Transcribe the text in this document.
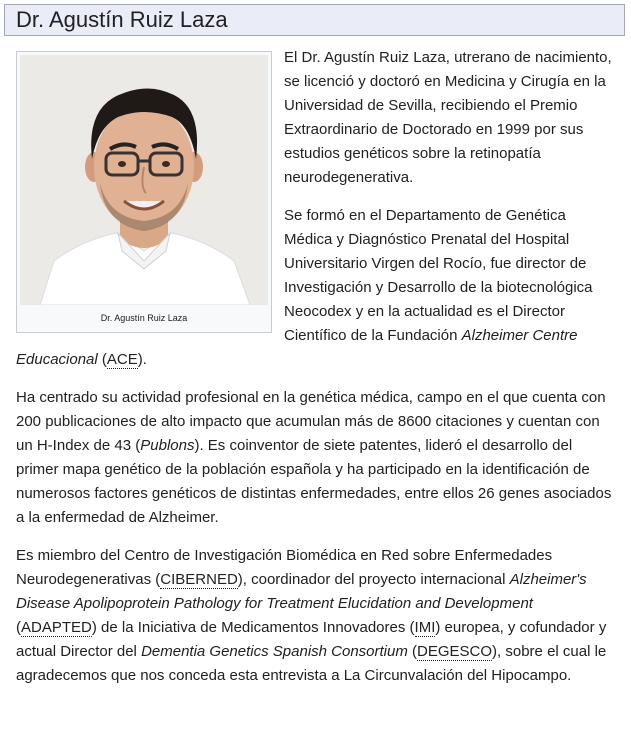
Dr. Agustín Ruiz Laza
Dr. Agustín Ruiz Laza

El Dr. Agustín Ruiz Laza, utrerano de nacimiento, se licenció y doctoró en Medicina y Cirugía en la Universidad de Sevilla, recibiendo el Premio Extraordinario de Doctorado en 1999 por sus estudios genéticos sobre la retinopatía neurodegenerativa.

Se formó en el Departamento de Genética Médica y Diagnóstico Prenatal del Hospital Universitario Virgen del Rocío, fue director de Investigación y Desarrollo de la biotecnológica Neocodex y en la actualidad es el Director Científico de la Fundación Alzheimer Centre Educacional (ACE).

Ha centrado su actividad profesional en la genética médica, campo en el que cuenta con 200 publicaciones de alto impacto que acumulan más de 8600 citaciones y cuentan con un H-Index de 43 (Publons). Es coinventor de siete patentes, lideró el desarrollo del primer mapa genético de la población española y ha participado en la identificación de numerosos factores genéticos de distintas enfermedades, entre ellos 26 genes asociados a la enfermedad de Alzheimer.

Es miembro del Centro de Investigación Biomédica en Red sobre Enfermedades Neurodegenerativas (CIBERNED), coordinador del proyecto internacional Alzheimer's Disease Apolipoprotein Pathology for Treatment Elucidation and Development (ADAPTED) de la Iniciativa de Medicamentos Innovadores (IMI) europea, y cofundador y actual Director del Dementia Genetics Spanish Consortium (DEGESCO), sobre el cual le agradecemos que nos conceda esta entrevista a La Circunvalación del Hipocampo.
